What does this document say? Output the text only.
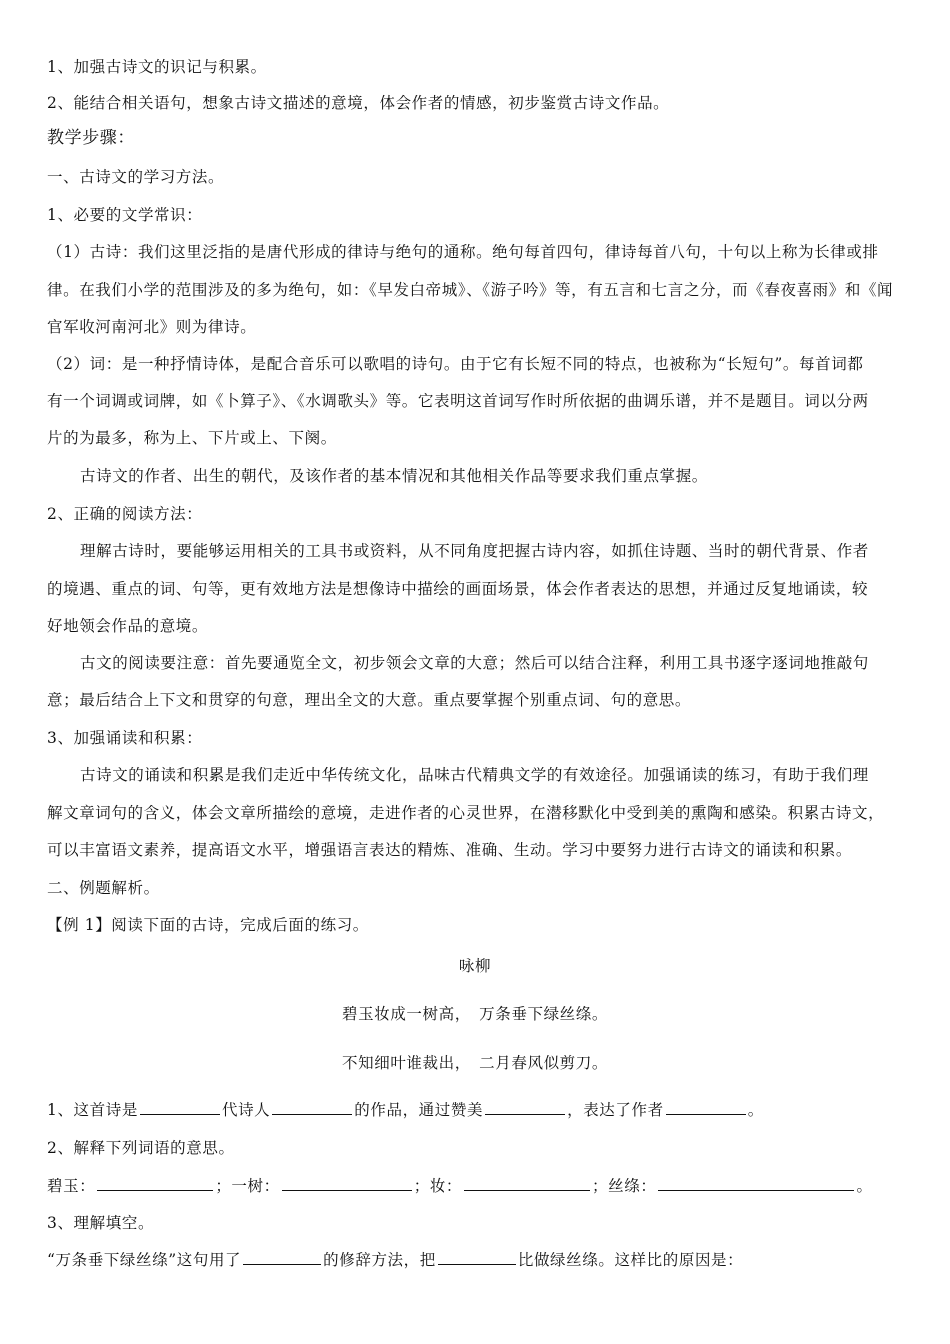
1、加强古诗文的识记与积累。
2、能结合相关语句，想象古诗文描述的意境，体会作者的情感，初步鉴赏古诗文作品。
教学步骤：
一、古诗文的学习方法。
1、必要的文学常识：
（1）古诗：我们这里泛指的是唐代形成的律诗与绝句的通称。绝句每首四句，律诗每首八句，十句以上称为长律或排
律。在我们小学的范围涉及的多为绝句，如：《早发白帝城》、《游子吟》等，有五言和七言之分，而《春夜喜雨》和《闻
官军收河南河北》则为律诗。
（2）词：是一种抒情诗体，是配合音乐可以歌唱的诗句。由于它有长短不同的特点，也被称为“长短句”。每首词都
有一个词调或词牌，如《卜算子》、《水调歌头》等。它表明这首词写作时所依据的曲调乐谱，并不是题目。词以分两
片的为最多，称为上、下片或上、下阕。
古诗文的作者、出生的朝代，及该作者的基本情况和其他相关作品等要求我们重点掌握。
2、正确的阅读方法：
理解古诗时，要能够运用相关的工具书或资料，从不同角度把握古诗内容，如抓住诗题、当时的朝代背景、作者
的境遇、重点的词、句等，更有效地方法是想像诗中描绘的画面场景，体会作者表达的思想，并通过反复地诵读，较
好地领会作品的意境。
古文的阅读要注意：首先要通览全文，初步领会文章的大意；然后可以结合注释，利用工具书逐字逐词地推敲句
意；最后结合上下文和贯穿的句意，理出全文的大意。重点要掌握个别重点词、句的意思。
3、加强诵读和积累：
古诗文的诵读和积累是我们走近中华传统文化，品味古代精典文学的有效途径。加强诵读的练习，有助于我们理
解文章词句的含义，体会文章所描绘的意境，走进作者的心灵世界，在潜移默化中受到美的熏陶和感染。积累古诗文，
可以丰富语文素养，提高语文水平，增强语言表达的精炼、准确、生动。学习中要努力进行古诗文的诵读和积累。
二、例题解析。
【例 1】阅读下面的古诗，完成后面的练习。
咏柳
碧玉妆成一树高，　万条垂下绿丝绦。
不知细叶谁裁出，　二月春风似剪刀。
1、这首诗是	代诗人	的作品，通过赞美	，表达了作者	。
2、解释下列词语的意思。
碧玉：	；一树：	；妆：	；丝绦：	。
3、理解填空。
“万条垂下绿丝绦”这句用了	的修辞方法，把	比做绿丝绦。这样比的原因是：
